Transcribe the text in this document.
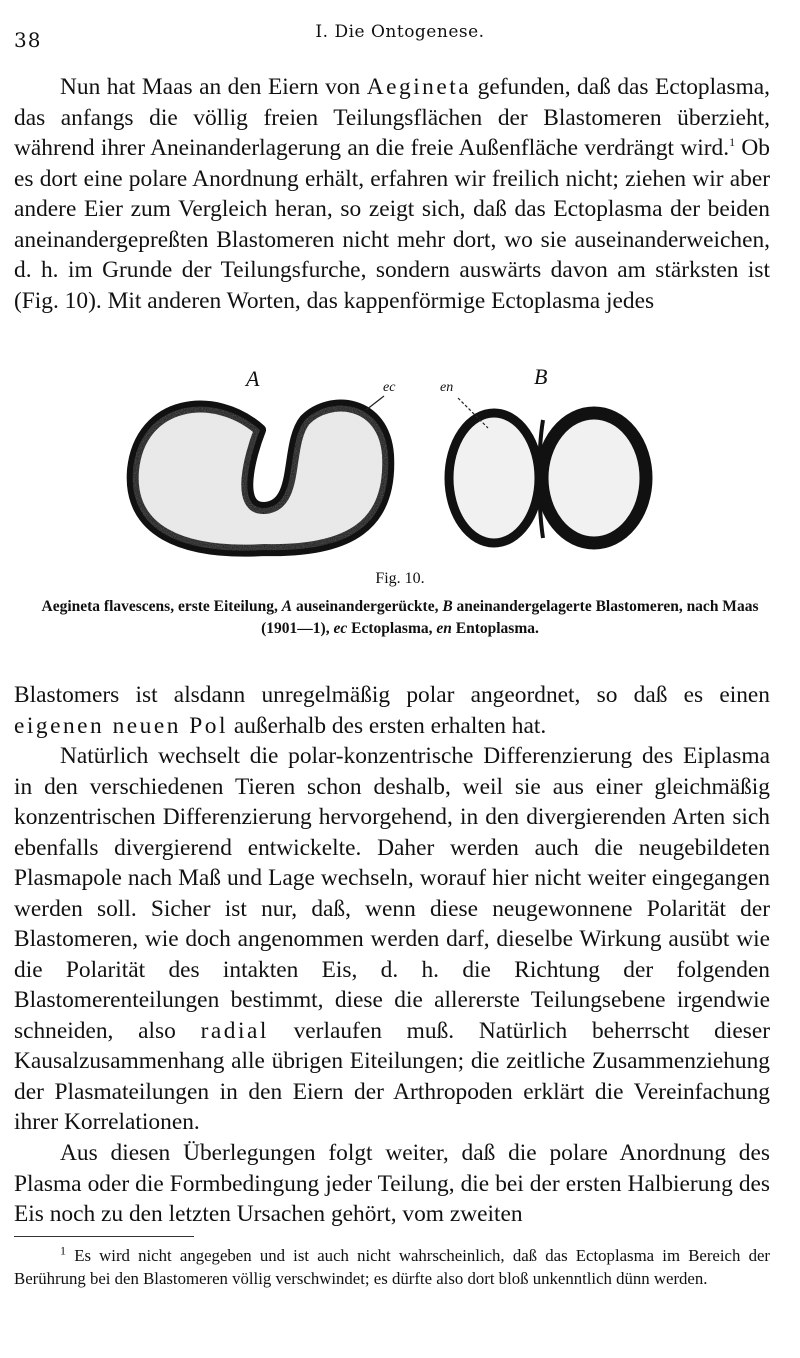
38	I. Die Ontogenese.

Nun hat Maas an den Eiern von Aegineta gefunden, daß das Ectoplasma, das anfangs die völlig freien Teilungsflächen der Blastomeren überzieht, während ihrer Aneinanderlagerung an die freie Außenfläche verdrängt wird.$^1$ Ob es dort eine polare Anordnung erhält, erfahren wir freilich nicht; ziehen wir aber andere Eier zum Vergleich heran, so zeigt sich, daß das Ectoplasma der beiden aneinandergepreßten Blastomeren nicht mehr dort, wo sie auseinanderweichen, d. h. im Grunde der Teilungsfurche, sondern auswärts davon am stärksten ist (Fig. 10). Mit anderen Worten, das kappenförmige Ectoplasma jedes

A	ec	en	B
Fig. 10.
Aegineta flavescens, erste Eiteilung, A auseinandergerückte, B aneinandergelagerte Blastomeren, nach Maas (1901—1), ec Ectoplasma, en Entoplasma.

Blastomers ist alsdann unregelmäßig polar angeordnet, so daß es einen eigenen neuen Pol außerhalb des ersten erhalten hat.

Natürlich wechselt die polar-konzentrische Differenzierung des Eiplasma in den verschiedenen Tieren schon deshalb, weil sie aus einer gleichmäßig konzentrischen Differenzierung hervorgehend, in den divergierenden Arten sich ebenfalls divergierend entwickelte. Daher werden auch die neugebildeten Plasmapole nach Maß und Lage wechseln, worauf hier nicht weiter eingegangen werden soll. Sicher ist nur, daß, wenn diese neugewonnene Polarität der Blastomeren, wie doch angenommen werden darf, dieselbe Wirkung ausübt wie die Polarität des intakten Eis, d. h. die Richtung der folgenden Blastomerenteilungen bestimmt, diese die allererste Teilungsebene irgendwie schneiden, also radial verlaufen muß. Natürlich beherrscht dieser Kausalzusammenhang alle übrigen Eiteilungen; die zeitliche Zusammenziehung der Plasmateilungen in den Eiern der Arthropoden erklärt die Vereinfachung ihrer Korrelationen.

Aus diesen Überlegungen folgt weiter, daß die polare Anordnung des Plasma oder die Formbedingung jeder Teilung, die bei der ersten Halbierung des Eis noch zu den letzten Ursachen gehört, vom zweiten

$^1$ Es wird nicht angegeben und ist auch nicht wahrscheinlich, daß das Ectoplasma im Bereich der Berührung bei den Blastomeren völlig verschwindet; es dürfte also dort bloß unkenntlich dünn werden.
